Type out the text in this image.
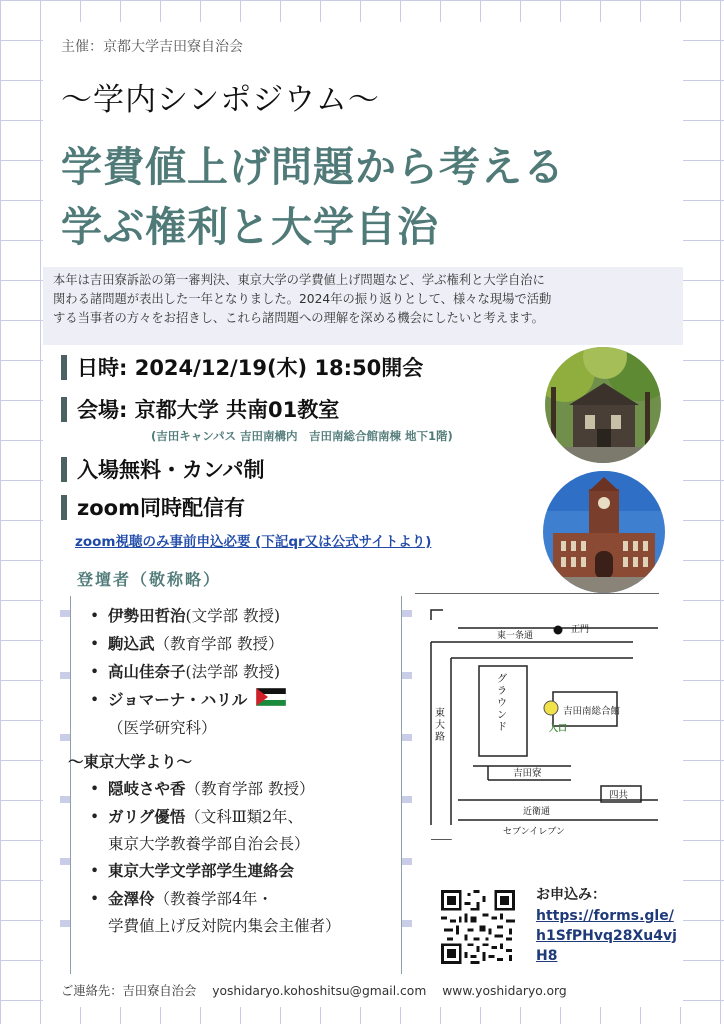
主催：京都大学吉田寮自治会
〜学内シンポジウム〜
学費値上げ問題から考える
学ぶ権利と大学自治

本年は吉田寮訴訟の第一審判決、東京大学の学費値上げ問題など、学ぶ権利と大学自治に

関わる諸問題が表出した一年となりました。2024年の振り返りとして、様々な現場で活動

する当事者の方々をお招きし、これら諸問題への理解を深める機会にしたいと考えます。

日時: 2024/12/19(木) 18:50開会
会場: 京都大学 共南01教室
(吉田キャンパス 吉田南構内　吉田南総合館南棟 地下1階)
入場無料・カンパ制
zoom同時配信有
zoom視聴のみ事前申込必要 (下記qr又は公式サイトより)
登壇者（敬称略）
• 伊勢田哲治(文学部 教授)
• 駒込武（教育学部 教授）
• 高山佳奈子(法学部 教授)
• ジョマーナ・ハリル
（医学研究科）
〜東京大学より〜
• 隠岐さや香（教育学部 教授）
• ガリグ優悟（文科Ⅲ類2年、
東京大学教養学部自治会長）
• 東京大学文学部学生連絡会
• 金澤伶（教養学部4年・
学費値上げ反対院内集会主催者）
正門
東一条通
グ
ラ
ウ
ン
ド
東
大
路
吉田南総合館
入口
吉田寮
四共
近衛通
セブンイレブン
お申込み：
https://forms.gle/h1SfPHvq28Xu4vjH8
ご連絡先：吉田寮自治会 yoshidaryo.kohoshitsu@gmail.com www.yoshidaryo.org
